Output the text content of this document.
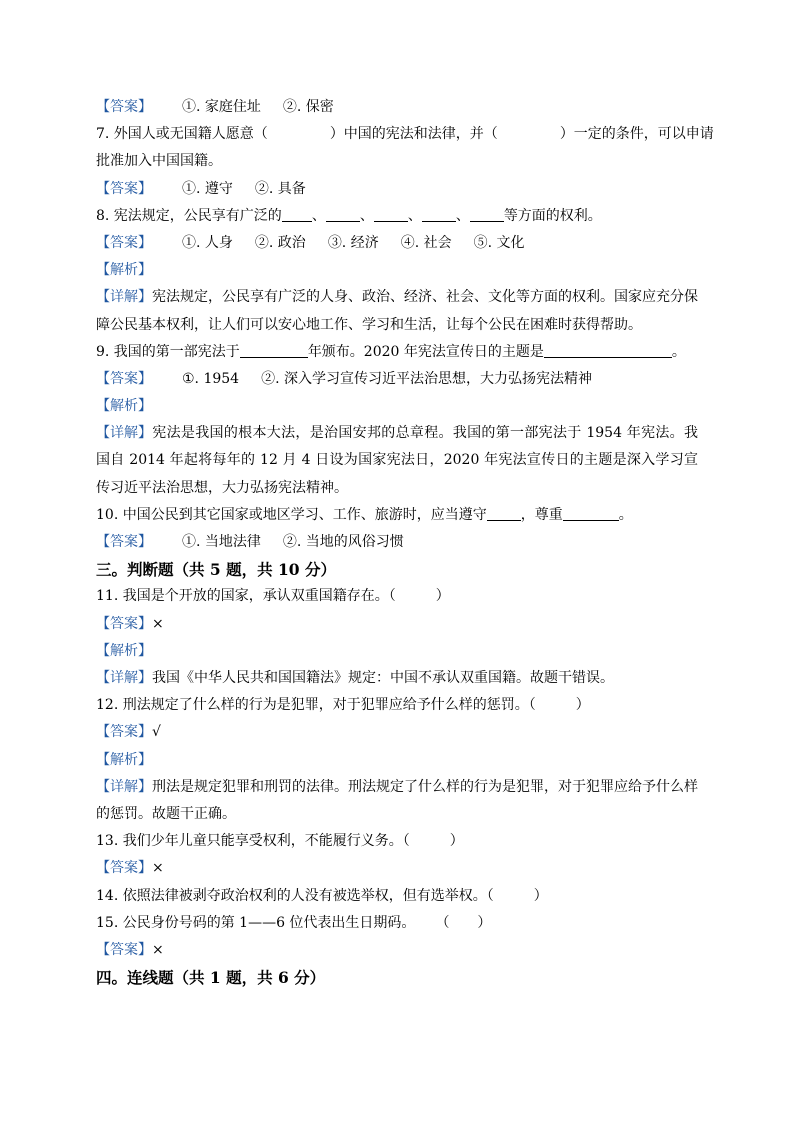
【答案】 ①. 家庭住址 ②. 保密
7. 外国人或无国籍人愿意（	）中国的宪法和法律，并（	）一定的条件，可以申请
批准加入中国国籍。
【答案】 ①. 遵守 ②. 具备
8. 宪法规定，公民享有广泛的 、 、 、 、 等方面的权利。
【答案】 ①. 人身 ②. 政治 ③. 经济 ④. 社会 ⑤. 文化
【解析】
【详解】宪法规定，公民享有广泛的人身、政治、经济、社会、文化等方面的权利。国家应充分保障公民基本权利，让人们可以安心地工作、学习和生活，让每个公民在困难时获得帮助。
9. 我国的第一部宪法于	年颁布。2020 年宪法宣传日的主题是	。
【答案】 ①. 1954 ②. 深入学习宣传习近平法治思想，大力弘扬宪法精神
【解析】
【详解】宪法是我国的根本大法，是治国安邦的总章程。我国的第一部宪法于 1954 年宪法。我国自 2014 年起将每年的 12 月 4 日设为国家宪法日，2020 年宪法宣传日的主题是深入学习宣传习近平法治思想，大力弘扬宪法精神。
10. 中国公民到其它国家或地区学习、工作、旅游时，应当遵守 ，尊重	。
【答案】 ①. 当地法律 ②. 当地的风俗习惯
三。判断题（共 5 题，共 10 分）
11. 我国是个开放的国家，承认双重国籍存在。（	）
【答案】×
【解析】
【详解】我国《中华人民共和国国籍法》规定：中国不承认双重国籍。故题干错误。
12. 刑法规定了什么样的行为是犯罪，对于犯罪应给予什么样的惩罚。（	）
【答案】√
【解析】
【详解】刑法是规定犯罪和刑罚的法律。刑法规定了什么样的行为是犯罪，对于犯罪应给予什么样的惩罚。故题干正确。
13. 我们少年儿童只能享受权利，不能履行义务。（	）
【答案】×
14. 依照法律被剥夺政治权利的人没有被选举权，但有选举权。（	）
15. 公民身份号码的第 1——6 位代表出生日期码。 （　　）
【答案】×
四。连线题（共 1 题，共 6 分）
